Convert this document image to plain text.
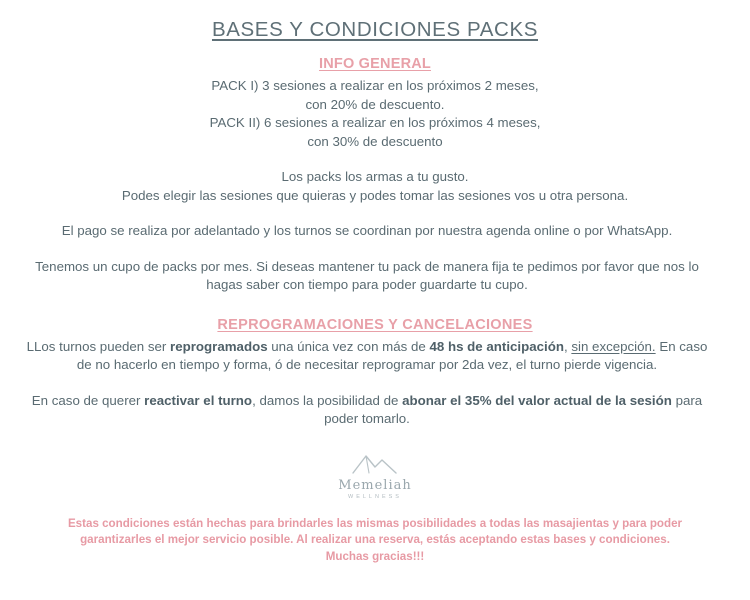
BASES Y CONDICIONES PACKS
INFO GENERAL

PACK I) 3 sesiones a realizar en los próximos 2 meses,

con 20% de descuento.

PACK II) 6 sesiones a realizar en los próximos 4 meses,

con 30% de descuento

Los packs los armas a tu gusto.

Podes elegir las sesiones que quieras y podes tomar las sesiones vos u otra persona.

El pago se realiza por adelantado y los turnos se coordinan por nuestra agenda online o por WhatsApp.

Tenemos un cupo de packs por mes. Si deseas mantener tu pack de manera fija te pedimos por favor que nos lo hagas saber con tiempo para poder guardarte tu cupo.

REPROGRAMACIONES Y CANCELACIONES

LLos turnos pueden ser reprogramados una única vez con más de 48 hs de anticipación, sin excepción. En caso de no hacerlo en tiempo y forma, ó de necesitar reprogramar por 2da vez, el turno pierde vigencia.

En caso de querer reactivar el turno, damos la posibilidad de abonar el 35% del valor actual de la sesión para poder tomarlo.

Memeliah
WELLNESS
Estas condiciones están hechas para brindarles las mismas posibilidades a todas las masajientas y para poder
garantizarles el mejor servicio posible. Al realizar una reserva, estás aceptando estas bases y condiciones.
Muchas gracias!!!
